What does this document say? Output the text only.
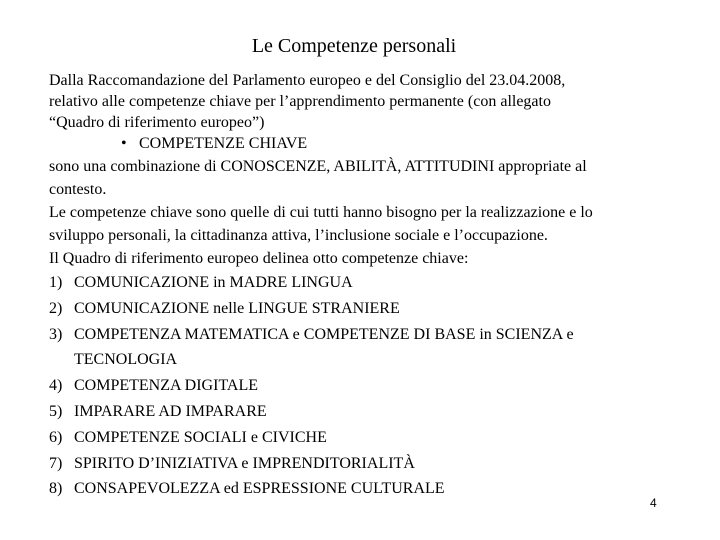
Le Competenze personali
Dalla Raccomandazione del Parlamento europeo e del Consiglio del 23.04.2008,
relativo alle competenze chiave per l’apprendimento permanente (con allegato
“Quadro di riferimento europeo”)
• COMPETENZE CHIAVE
sono una combinazione di CONOSCENZE, ABILITÀ, ATTITUDINI appropriate al
contesto.
Le competenze chiave sono quelle di cui tutti hanno bisogno per la realizzazione e lo
sviluppo personali, la cittadinanza attiva, l’inclusione sociale e l’occupazione.
Il Quadro di riferimento europeo delinea otto competenze chiave:
1) COMUNICAZIONE in MADRE LINGUA
2) COMUNICAZIONE nelle LINGUE STRANIERE
3) COMPETENZA MATEMATICA e COMPETENZE DI BASE in SCIENZA e
TECNOLOGIA
4) COMPETENZA DIGITALE
5) IMPARARE AD IMPARARE
6) COMPETENZE SOCIALI e CIVICHE
7) SPIRITO D’INIZIATIVA e IMPRENDITORIALITÀ
8) CONSAPEVOLEZZA ed ESPRESSIONE CULTURALE
4
